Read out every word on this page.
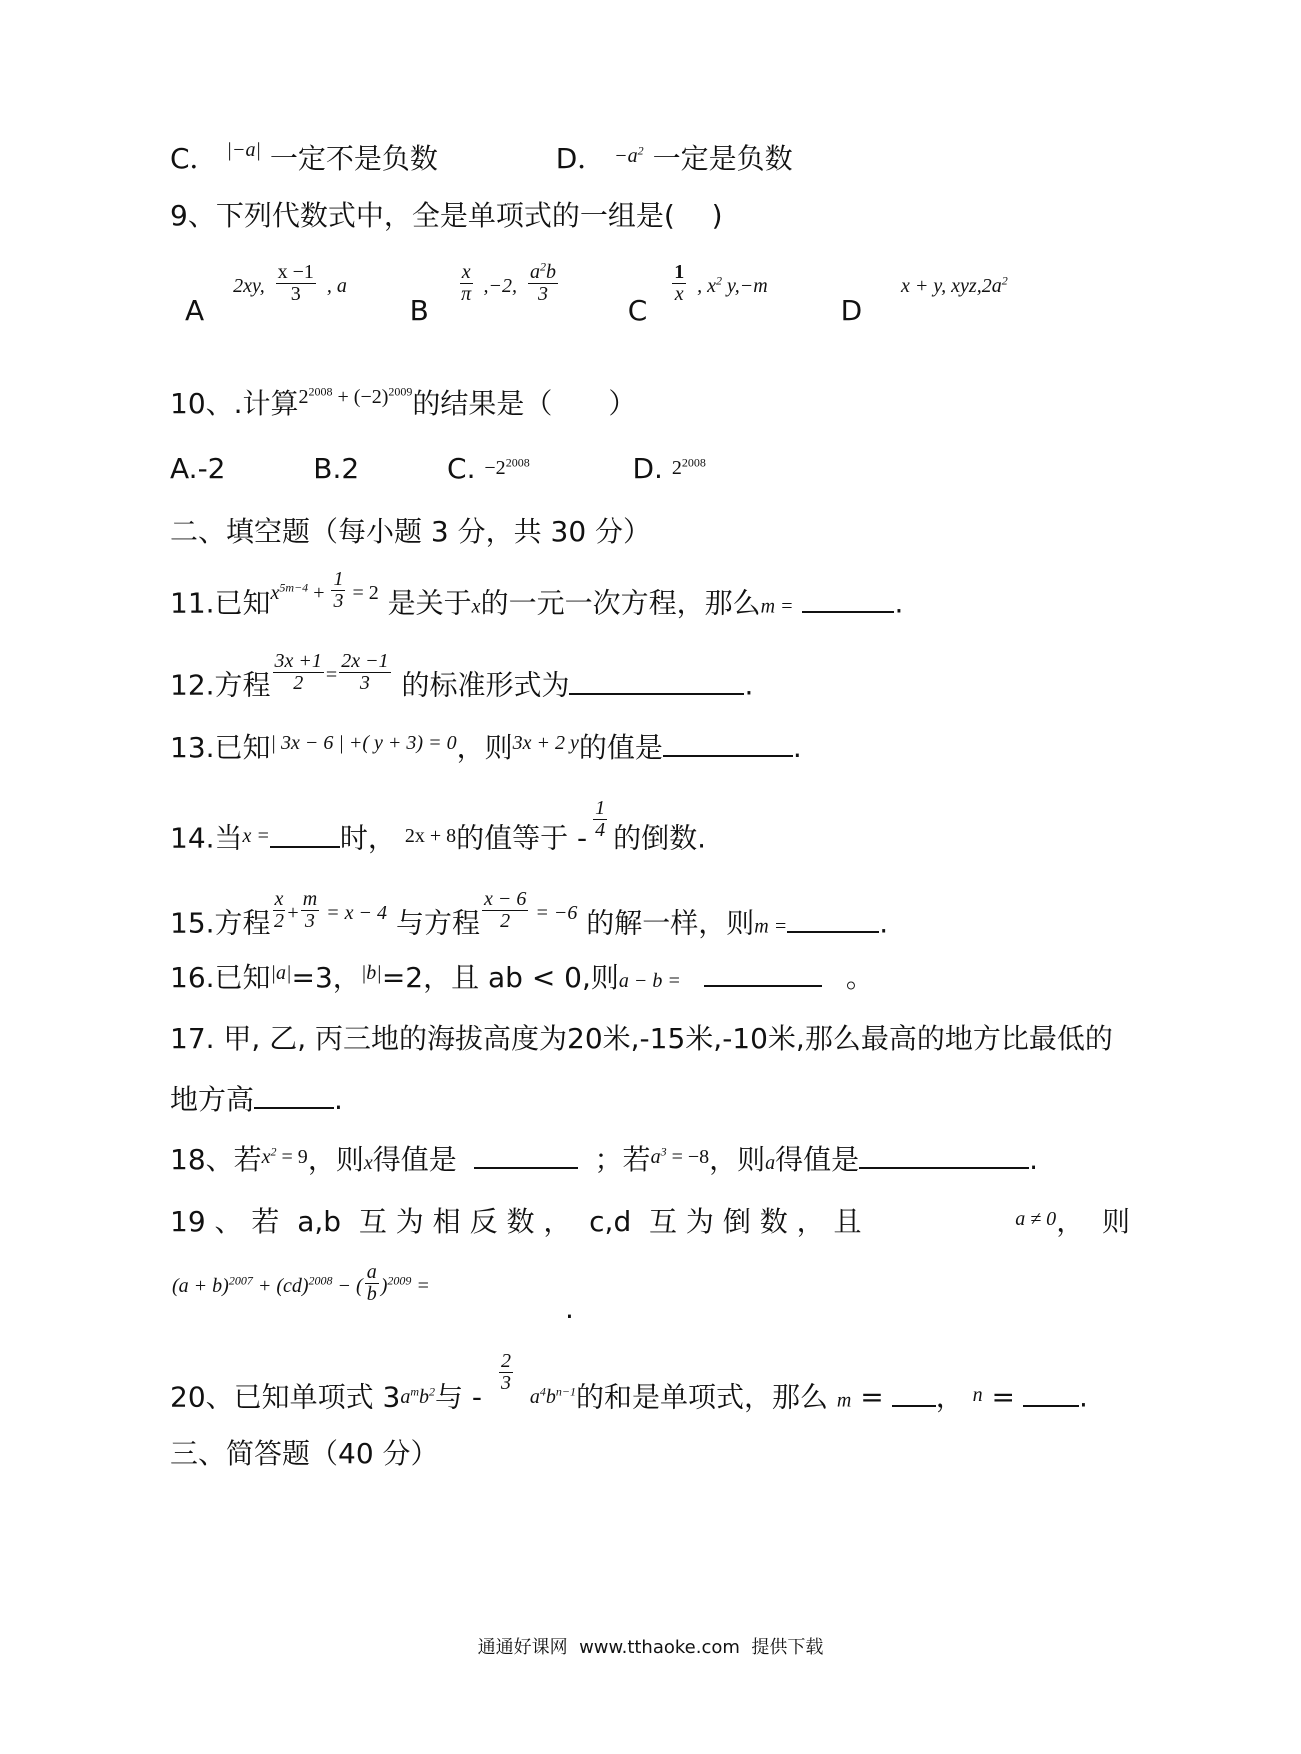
C． $^{|-a|}$ 一定不是负数	D． $^{-a^2}$ 一定是负数
9、下列代数式中，全是单项式的一组是(　 )
A 2xy, $\frac{x -1}{3}$ , a  B
$\frac{x}{\pi} ,-2$, $\frac{a^2b}{3}$
C
$\frac{1}{x}$ , $x^2$ y,−m  D x + y, $xyz,2a^2$
10、.计算$^{2^{2008} + (-2)^{2009}}$的结果是（　　）
A.-2	B.2	C. $-2^{2008}$	D. $2^{2008}$
二、填空题（每小题 3 分，共 30 分）
11.已知$^{x^{5m-4} +} \frac{1}{3} ^{= 2}$ 是关于x的一元一次方程，那么m =	.
12.方程 $\frac{3x +1}{2} ^= \frac{2x -1}{3}$ 的标准形式为	.
13.已知$^{| 3x - 6 | +( y + 3) = 0}$，则$^{3x + 2 y}$的值是	.
14.当$^{x =}$	时， $^{2x + 8}$的值等于 - $\frac{1}{4}$ 的倒数.
15.方程 $\frac{x}{2} ^+ \frac{m}{3} ^{= x - 4}$ 与方程 $\frac{x - 6}{2} ^{= -6}$ 的解一样，则m =	.
16.已知$^{|a|}$=3，$^{|b|}$=2，且 ab < 0,则a − b =	。
17. 甲, 乙, 丙三地的海拔高度为20米,-15米,-10米,那么最高的地方比最低的
地方高	.
18、若$^{x^2 = 9}$，则x得值是	；若$^{a^3 = -8}$，则a得值是	.
19 、 若  a,b  互 为 相 反 数 ，  c,d  互 为 倒 数 ， 且	$^{a \ne 0}$，  则
$(a + b)^{2007} + (cd)^{2008}$ − ( $\frac{a}{b} )^{2009}$ =
.
20、已知单项式 $3a^mb^2$与 -
$\frac{2}{3}$
$a^4b^{n-1}$的和是单项式，那么 m = ， $^n$ = .
三、简答题（40 分）
通通好课网  www.tthaoke.com  提供下载
